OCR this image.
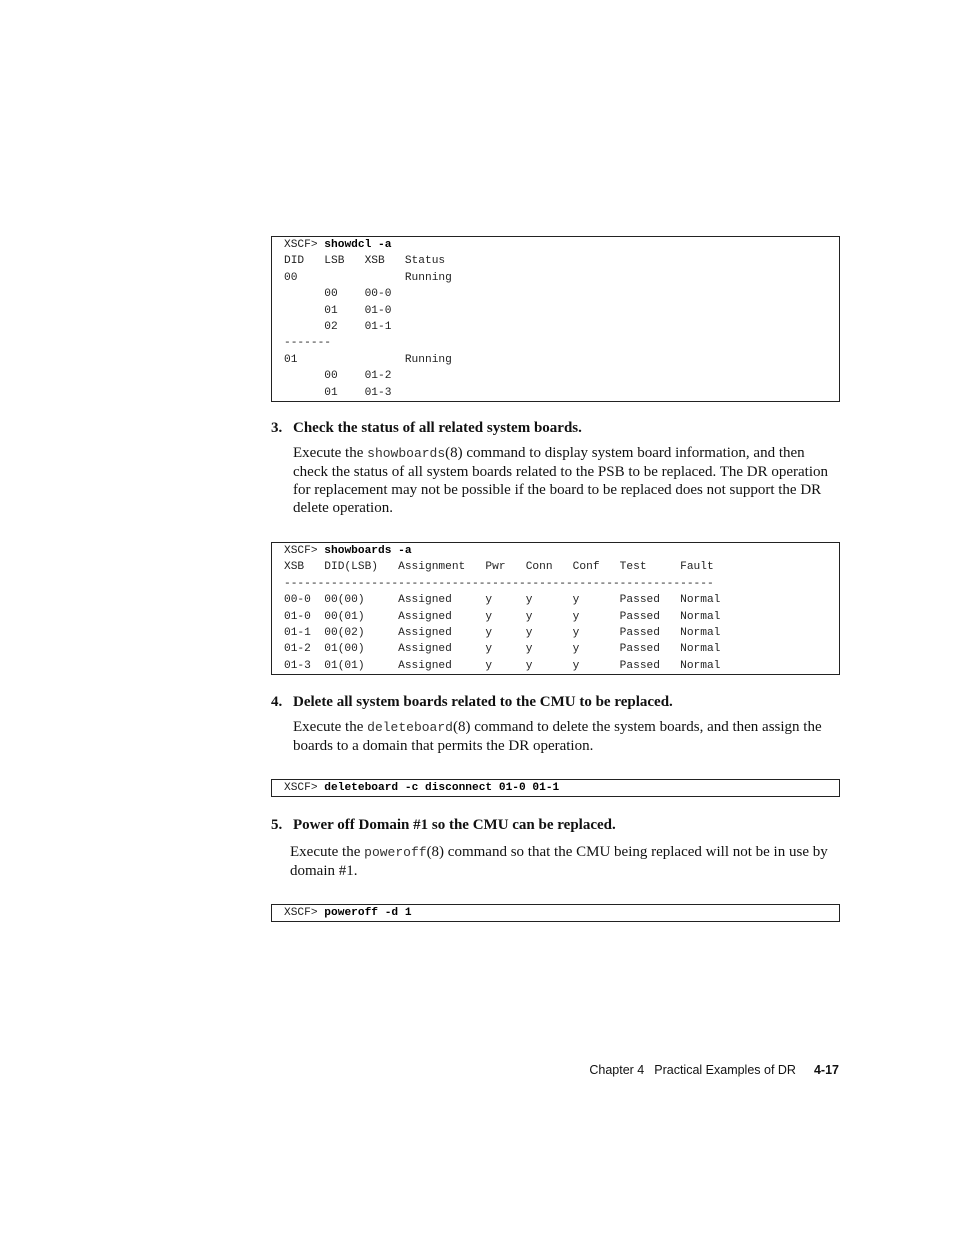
XSCF> showdcl -a
DID   LSB   XSB   Status
00                Running
00    00-0
01    01-0
02    01-1
-------
01                Running
00    01-2
01    01-3

3. Check the status of all related system boards.

Execute the showboards(8) command to display system board information, and then check the status of all system boards related to the PSB to be replaced. The DR operation for replacement may not be possible if the board to be replaced does not support the DR delete operation.

XSCF> showboards -a
XSB   DID(LSB)   Assignment   Pwr   Conn   Conf   Test     Fault
----------------------------------------------------------------
00-0  00(00)     Assigned     y     y      y      Passed   Normal
01-0  00(01)     Assigned     y     y      y      Passed   Normal
01-1  00(02)     Assigned     y     y      y      Passed   Normal
01-2  01(00)     Assigned     y     y      y      Passed   Normal
01-3  01(01)     Assigned     y     y      y      Passed   Normal

4. Delete all system boards related to the CMU to be replaced.

Execute the deleteboard(8) command to delete the system boards, and then assign the boards to a domain that permits the DR operation.

XSCF> deleteboard -c disconnect 01-0 01-1

5. Power off Domain #1 so the CMU can be replaced.

Execute the poweroff(8) command so that the CMU being replaced will not be in use by domain #1.

XSCF> poweroff -d 1
Chapter 4 Practical Examples of DR 4-17
